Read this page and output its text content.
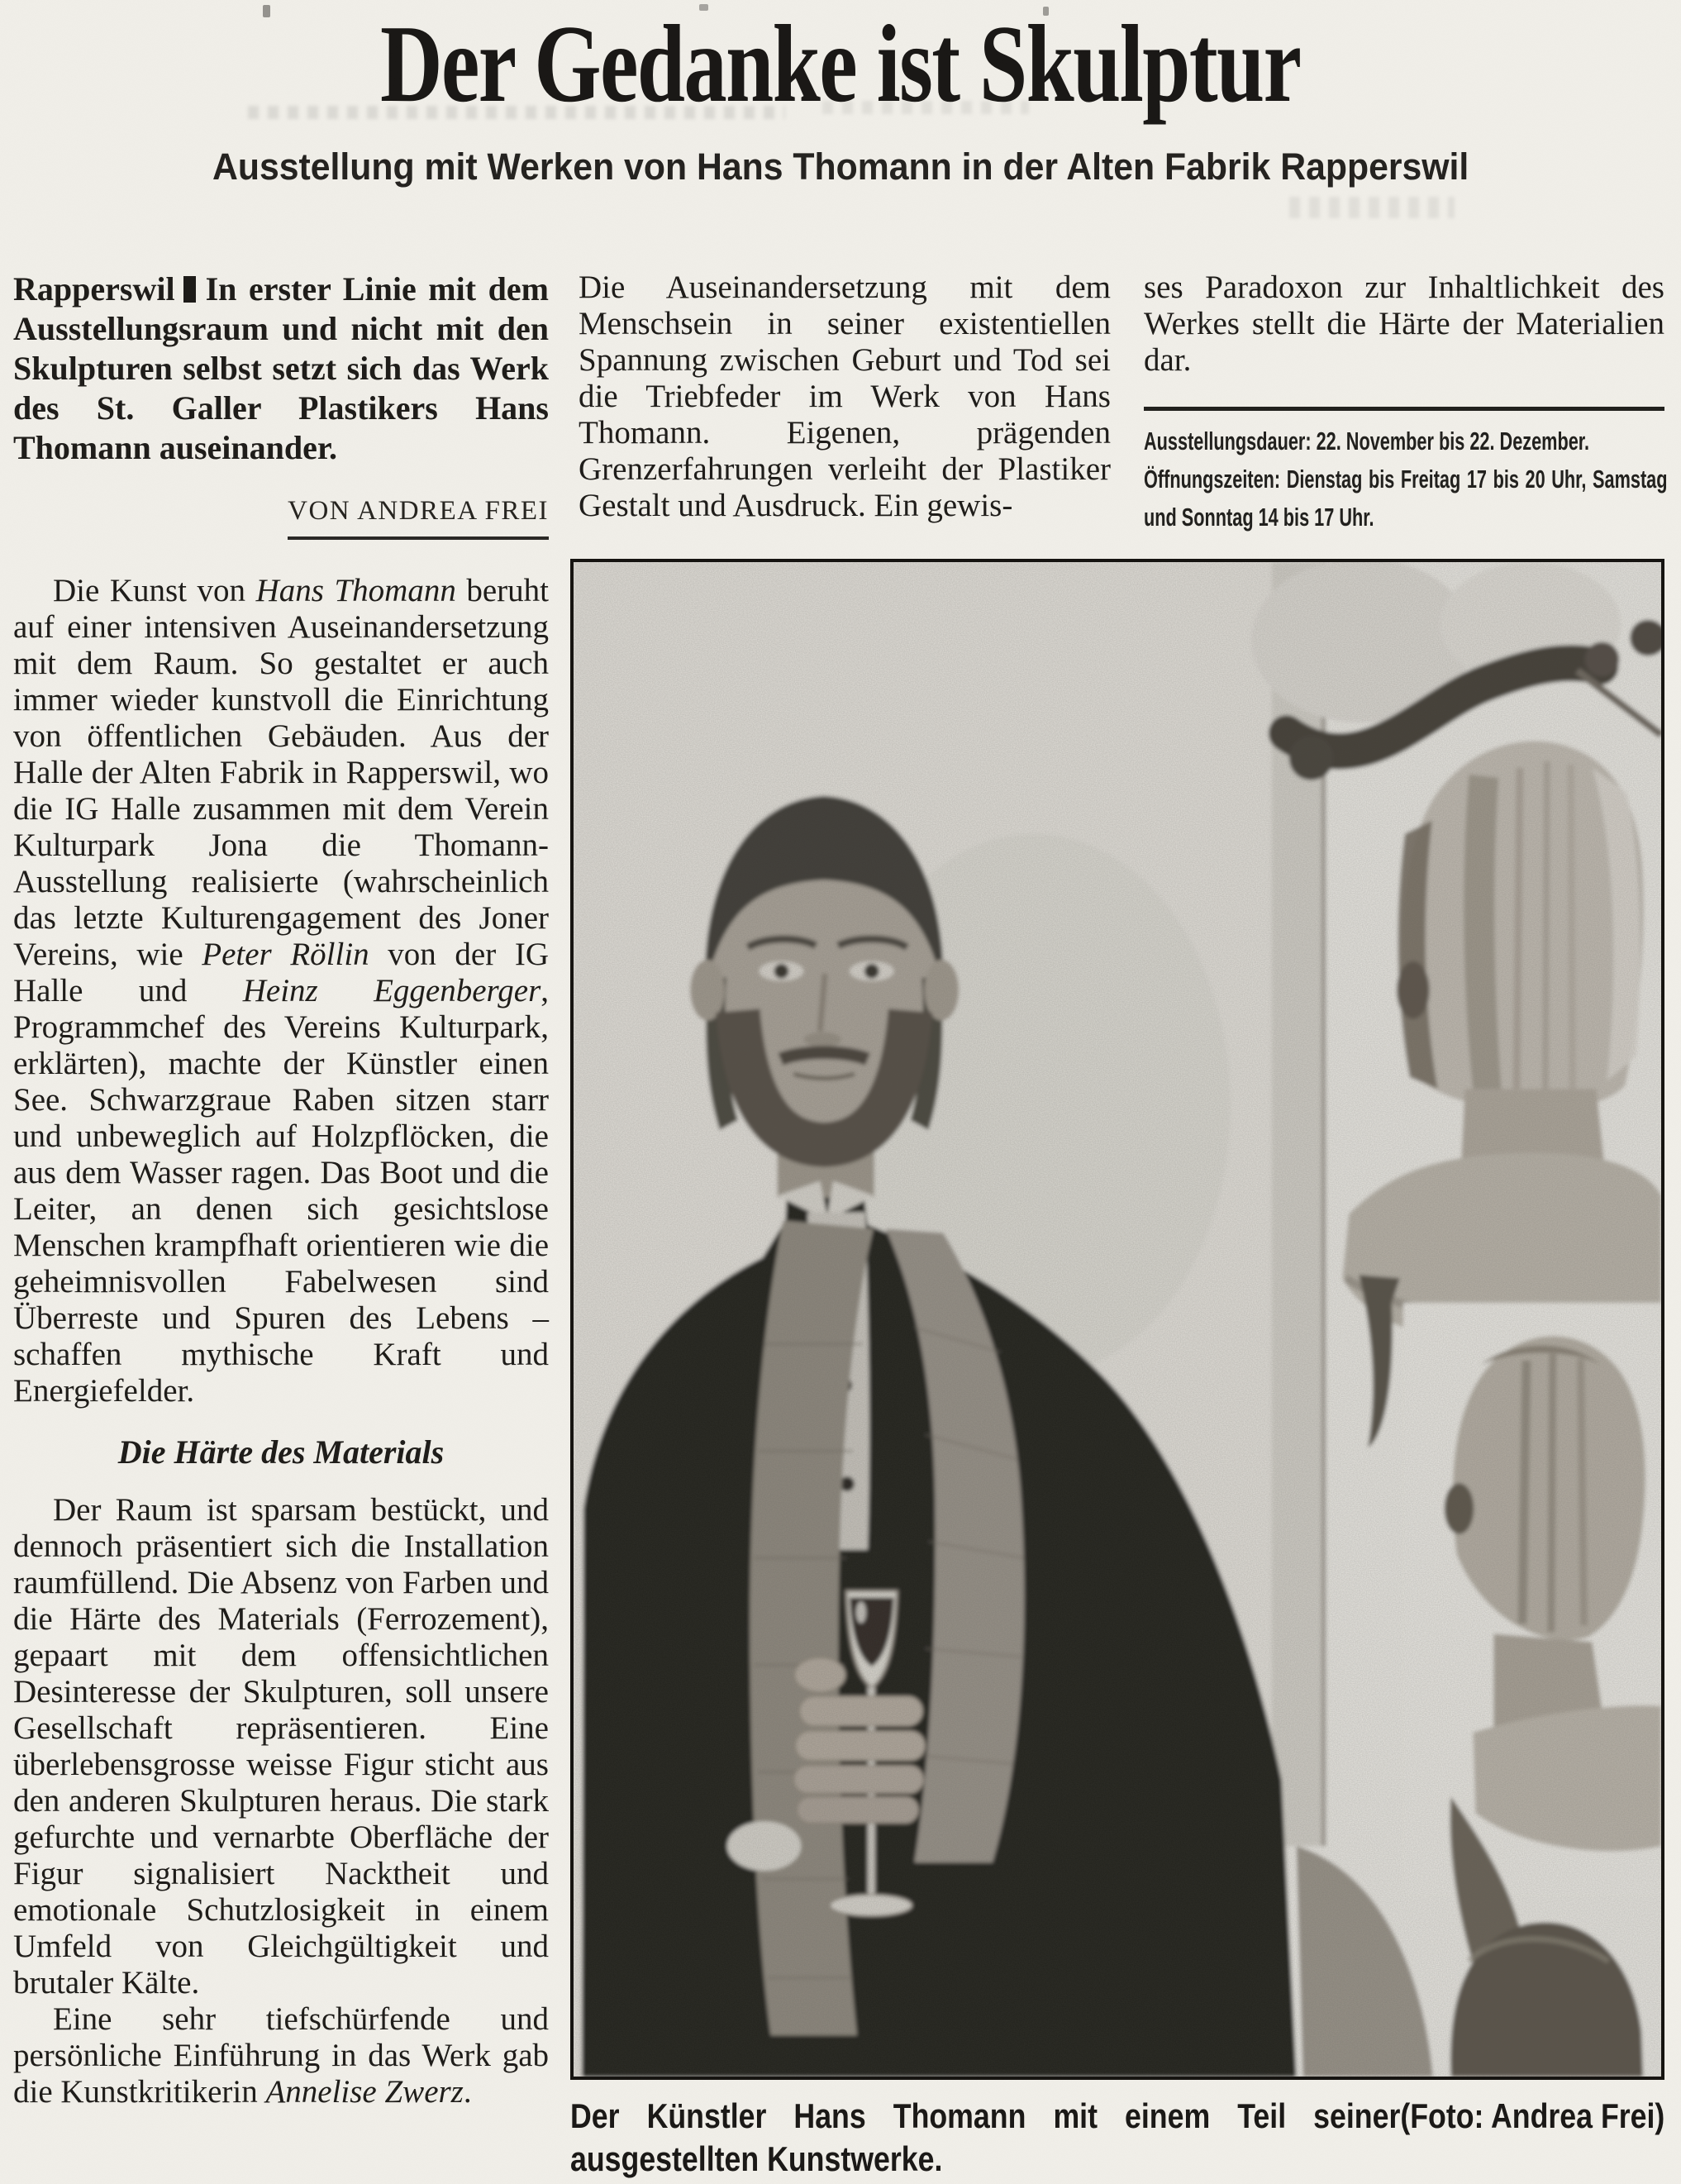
Der Gedanke ist Skulptur
Ausstellung mit Werken von Hans Thomann in der Alten Fabrik Rapperswil

Rapperswil In erster Linie mit dem Ausstellungsraum und nicht mit den Skulpturen selbst setzt sich das Werk des St. Galler Plastikers Hans Thomann auseinander.

VON ANDREA FREI

Die Kunst von Hans Thomann beruht auf einer intensiven Auseinandersetzung mit dem Raum. So gestaltet er auch immer wieder kunstvoll die Einrichtung von öffentlichen Gebäuden. Aus der Halle der Alten Fabrik in Rapperswil, wo die IG Halle zusammen mit dem Verein Kulturpark Jona die Thomann-Ausstellung realisierte (wahrscheinlich das letzte Kulturengagement des Joner Vereins, wie Peter Röllin von der IG Halle und Heinz Eggenberger, Programmchef des Vereins Kulturpark, erklärten), machte der Künstler einen See. Schwarzgraue Raben sitzen starr und unbeweglich auf Holzpflöcken, die aus dem Wasser ragen. Das Boot und die Leiter, an denen sich gesichtslose Menschen krampfhaft orientieren wie die geheimnisvollen Fabelwesen sind Überreste und Spuren des Lebens – schaffen mythische Kraft und Energiefelder.

Die Härte des Materials

Der Raum ist sparsam bestückt, und dennoch präsentiert sich die Installation raumfüllend. Die Absenz von Farben und die Härte des Materials (Ferrozement), gepaart mit dem offensichtlichen Desinteresse der Skulpturen, soll unsere Gesellschaft repräsentieren. Eine überlebensgrosse weisse Figur sticht aus den anderen Skulpturen heraus. Die stark gefurchte und vernarbte Oberfläche der Figur signalisiert Nacktheit und emotionale Schutzlosigkeit in einem Umfeld von Gleichgültigkeit und brutaler Kälte.

Eine sehr tiefschürfende und persönliche Einführung in das Werk gab die Kunstkritikerin Annelise Zwerz.

Die Auseinandersetzung mit dem Menschsein in seiner existentiellen Spannung zwischen Geburt und Tod sei die Triebfeder im Werk von Hans Thomann. Eigenen, prägenden Grenzerfahrungen verleiht der Plastiker Gestalt und Ausdruck. Ein gewis-

ses Paradoxon zur Inhaltlichkeit des Werkes stellt die Härte der Materialien dar.

Ausstellungsdauer: 22. November bis 22. Dezember.

Öffnungszeiten: Dienstag bis Freitag 17 bis 20 Uhr, Samstag und Sonntag 14 bis 17 Uhr.

(Foto: Andrea Frei)
Der Künstler Hans Thomann mit einem Teil seiner ausgestellten Kunstwerke.
